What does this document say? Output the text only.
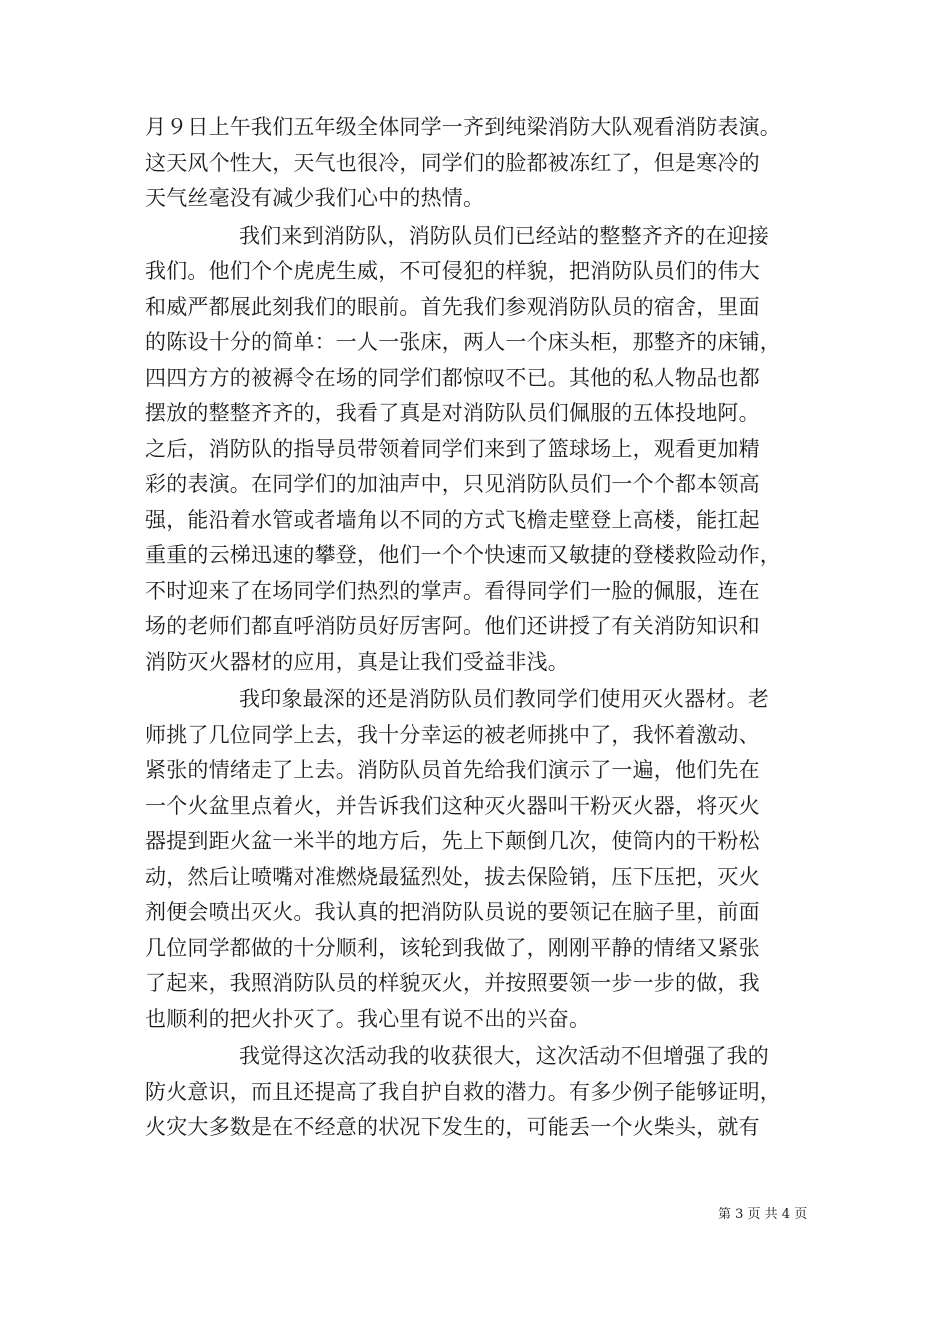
月９日上午我们五年级全体同学一齐到纯梁消防大队观看消防表演。
这天风个性大，天气也很冷，同学们的脸都被冻红了，但是寒冷的
天气丝毫没有减少我们心中的热情。
我们来到消防队，消防队员们已经站的整整齐齐的在迎接
我们。他们个个虎虎生威，不可侵犯的样貌，把消防队员们的伟大
和威严都展此刻我们的眼前。首先我们参观消防队员的宿舍，里面
的陈设十分的简单：一人一张床，两人一个床头柜，那整齐的床铺，
四四方方的被褥令在场的同学们都惊叹不已。其他的私人物品也都
摆放的整整齐齐的，我看了真是对消防队员们佩服的五体投地阿。
之后，消防队的指导员带领着同学们来到了篮球场上，观看更加精
彩的表演。在同学们的加油声中，只见消防队员们一个个都本领高
强，能沿着水管或者墙角以不同的方式飞檐走壁登上高楼，能扛起
重重的云梯迅速的攀登，他们一个个快速而又敏捷的登楼救险动作，
不时迎来了在场同学们热烈的掌声。看得同学们一脸的佩服，连在
场的老师们都直呼消防员好厉害阿。他们还讲授了有关消防知识和
消防灭火器材的应用，真是让我们受益非浅。
我印象最深的还是消防队员们教同学们使用灭火器材。老
师挑了几位同学上去，我十分幸运的被老师挑中了，我怀着激动、
紧张的情绪走了上去。消防队员首先给我们演示了一遍，他们先在
一个火盆里点着火，并告诉我们这种灭火器叫干粉灭火器，将灭火
器提到距火盆一米半的地方后，先上下颠倒几次，使筒内的干粉松
动，然后让喷嘴对准燃烧最猛烈处，拔去保险销，压下压把，灭火
剂便会喷出灭火。我认真的把消防队员说的要领记在脑子里，前面
几位同学都做的十分顺利，该轮到我做了，刚刚平静的情绪又紧张
了起来，我照消防队员的样貌灭火，并按照要领一步一步的做，我
也顺利的把火扑灭了。我心里有说不出的兴奋。
我觉得这次活动我的收获很大，这次活动不但增强了我的
防火意识，而且还提高了我自护自救的潜力。有多少例子能够证明，
火灾大多数是在不经意的状况下发生的，可能丢一个火柴头，就有
第 3 页 共 4 页
